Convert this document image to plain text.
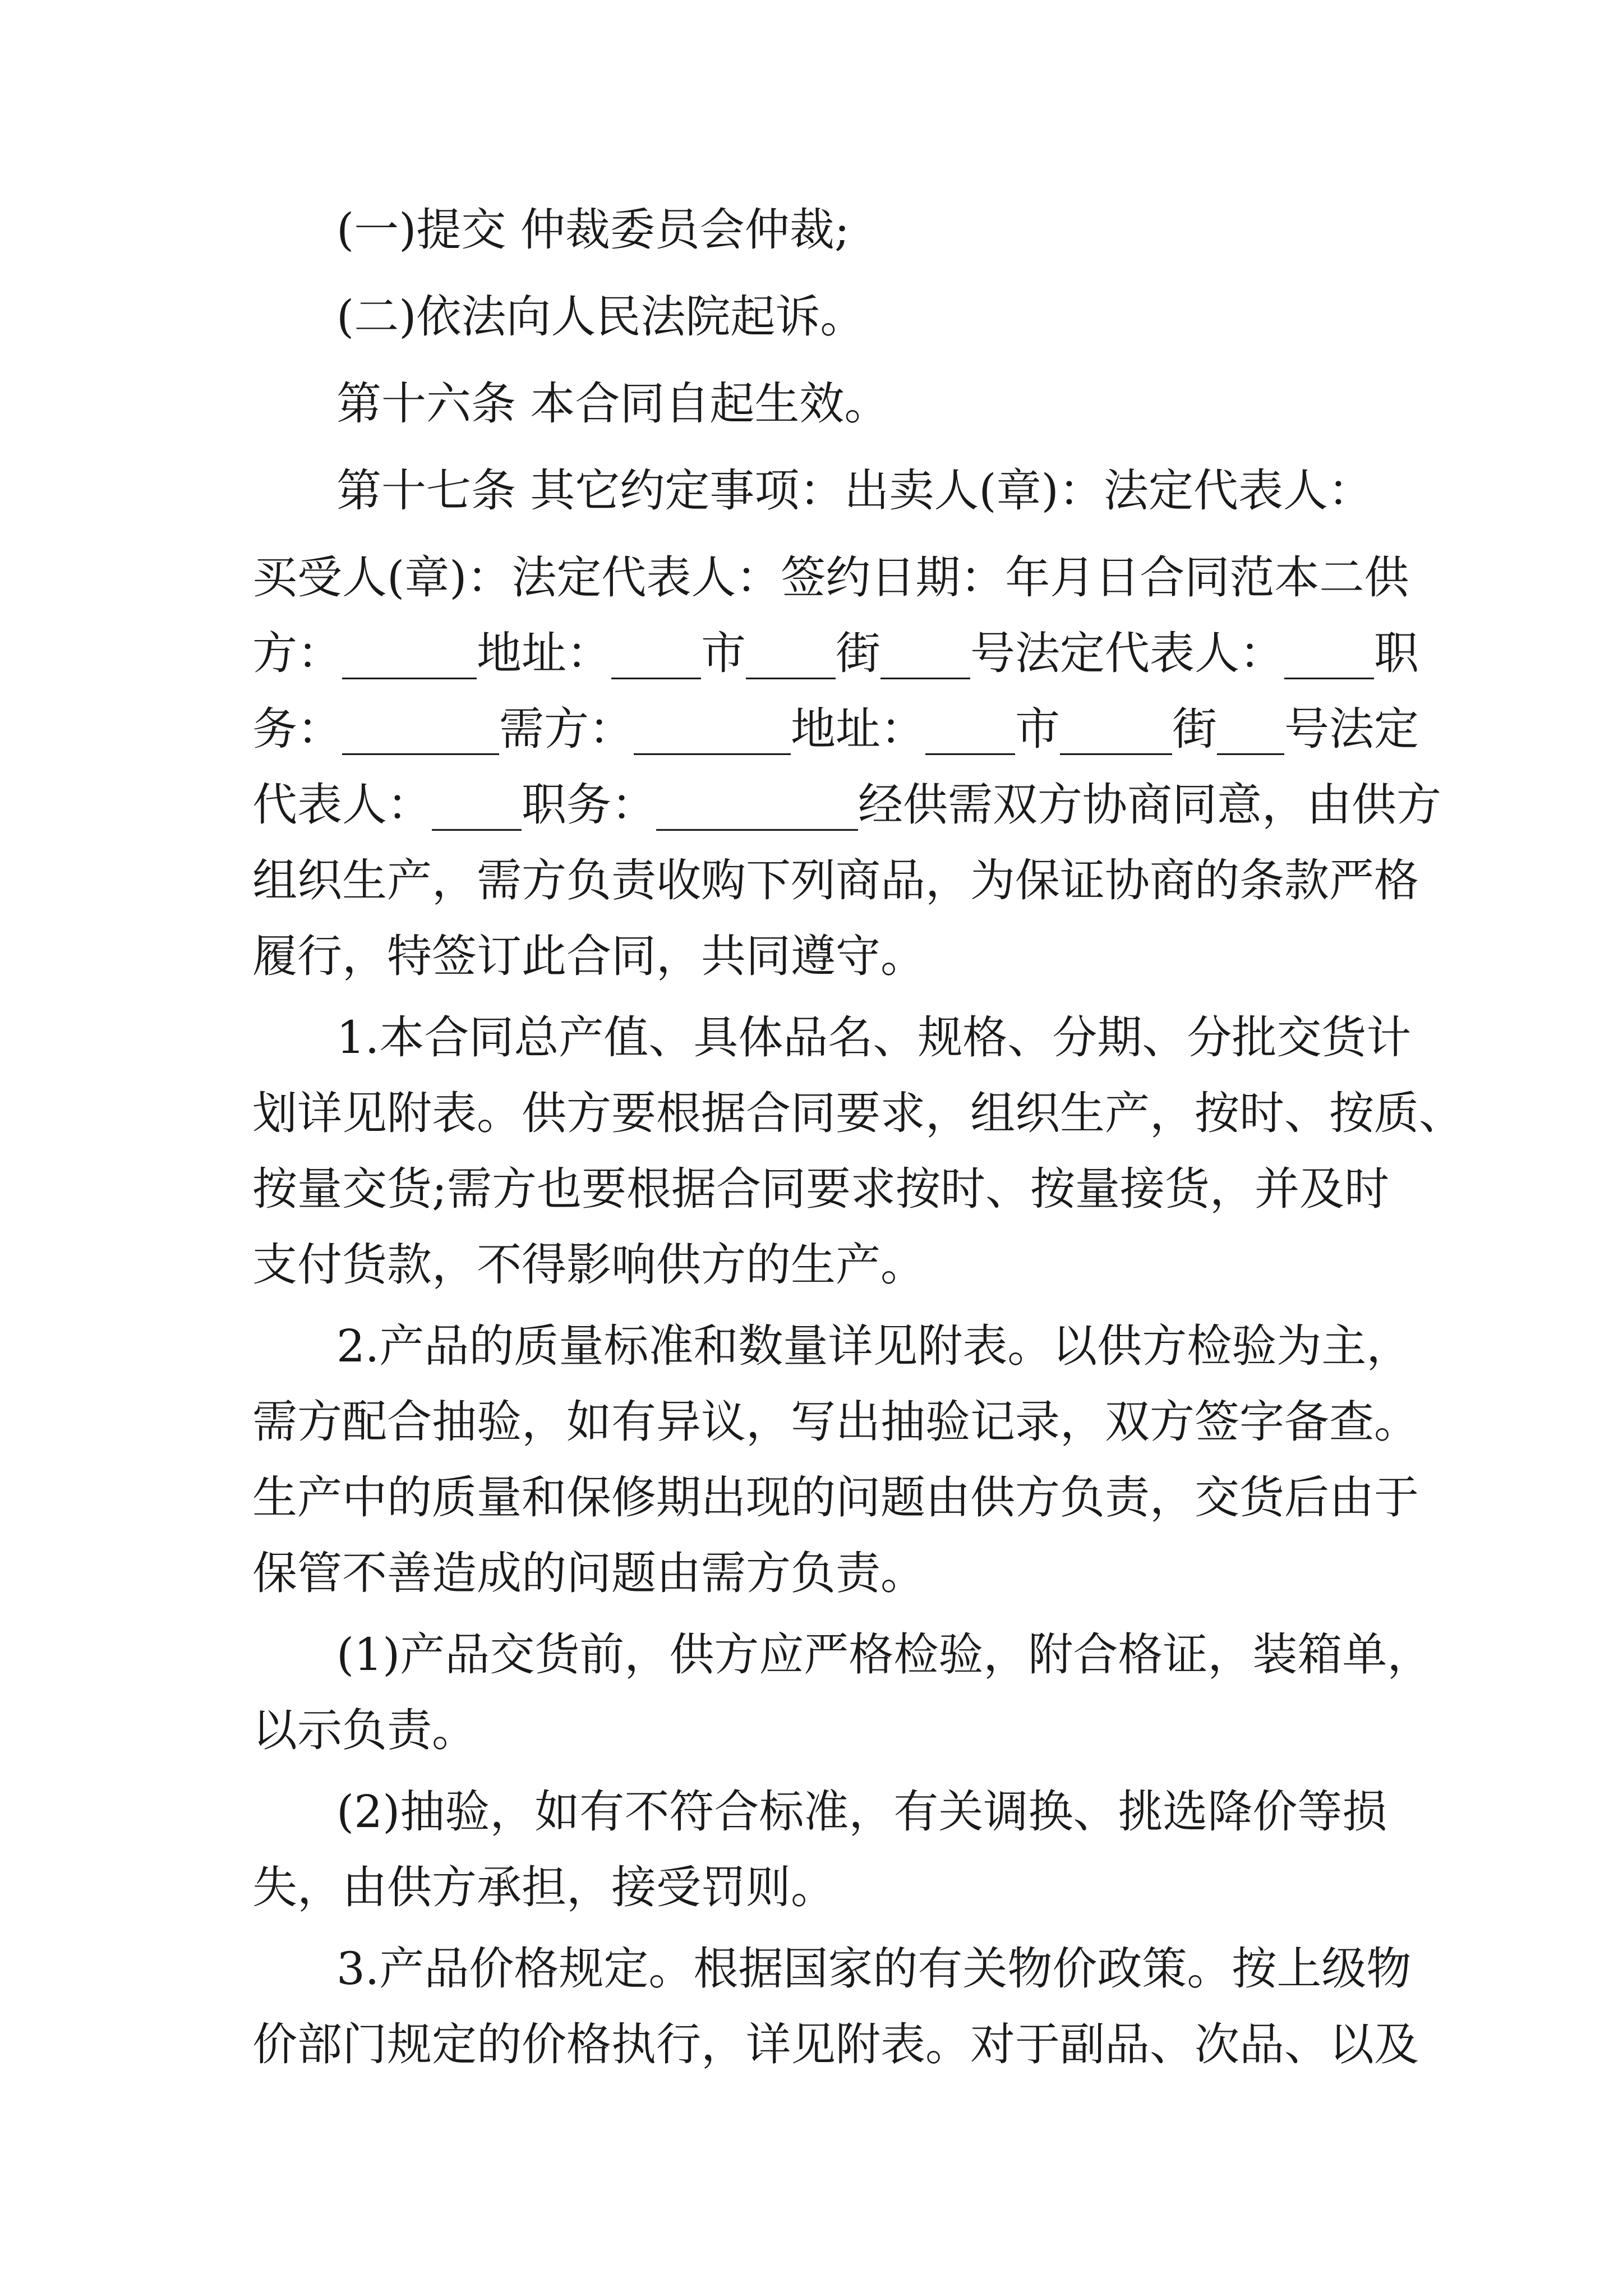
(一)提交 仲裁委员会仲裁;

(二)依法向人民法院起诉。

第十六条 本合同自起生效。

第十七条 其它约定事项：出卖人(章)：法定代表人：

买受人(章)：法定代表人：签约日期：年月日合同范本二供

方：______地址：____市____街____号法定代表人：____职

务：_______需方：_______地址：____市_____街___号法定

代表人：____职务：_________经供需双方协商同意，由供方

组织生产，需方负责收购下列商品，为保证协商的条款严格

履行，特签订此合同，共同遵守。

1.本合同总产值、具体品名、规格、分期、分批交货计

划详见附表。供方要根据合同要求，组织生产，按时、按质、

按量交货;需方也要根据合同要求按时、按量接货，并及时

支付货款，不得影响供方的生产。

2.产品的质量标准和数量详见附表。以供方检验为主，

需方配合抽验，如有异议，写出抽验记录，双方签字备查。

生产中的质量和保修期出现的问题由供方负责，交货后由于

保管不善造成的问题由需方负责。

(1)产品交货前，供方应严格检验，附合格证，装箱单，

以示负责。

(2)抽验，如有不符合标准，有关调换、挑选降价等损

失，由供方承担，接受罚则。

3.产品价格规定。根据国家的有关物价政策。按上级物

价部门规定的价格执行，详见附表。对于副品、次品、以及
